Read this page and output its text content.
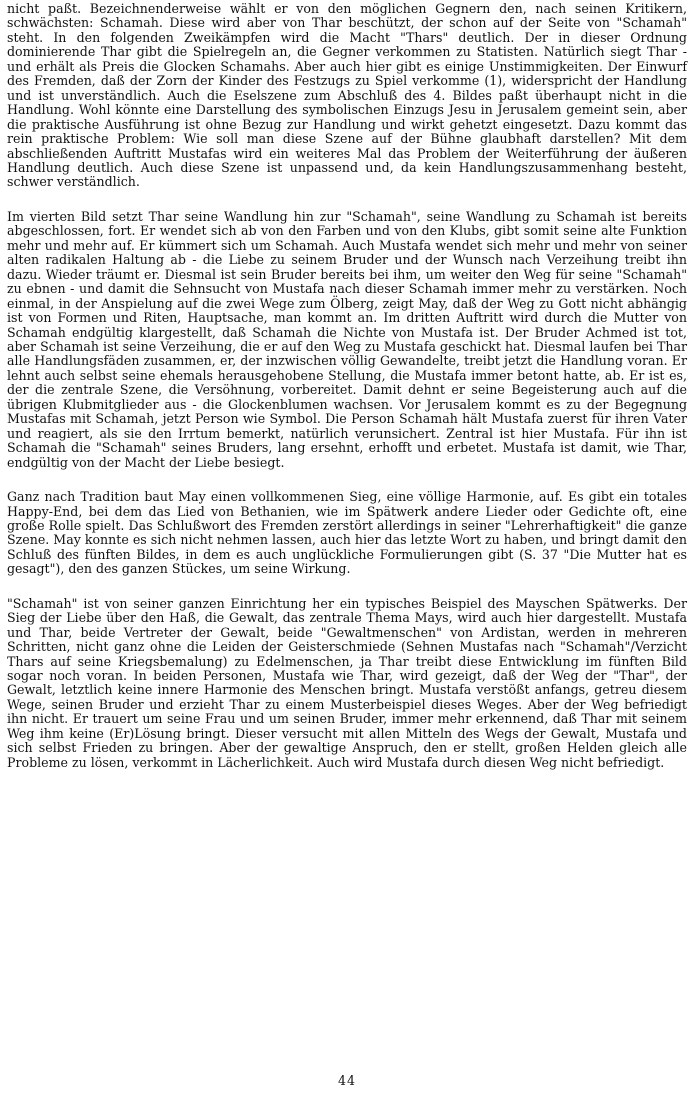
nicht paßt. Bezeichnenderweise wählt er von den möglichen Gegnern den, nach seinen Kritikern, schwächsten: Schamah. Diese wird aber von Thar beschützt, der schon auf der Seite von "Schamah" steht. In den folgenden Zweikämpfen wird die Macht "Thars" deutlich. Der in dieser Ordnung dominierende Thar gibt die Spielregeln an, die Gegner verkommen zu Statisten. Natürlich siegt Thar - und erhält als Preis die Glocken Schamahs. Aber auch hier gibt es einige Unstimmigkeiten. Der Einwurf des Fremden, daß der Zorn der Kinder des Festzugs zu Spiel verkomme (1), widerspricht der Handlung und ist unverständlich. Auch die Eselszene zum Abschluß des 4. Bildes paßt überhaupt nicht in die Handlung. Wohl könnte eine Darstellung des symbolischen Einzugs Jesu in Jerusalem gemeint sein, aber die praktische Ausführung ist ohne Bezug zur Handlung und wirkt gehetzt eingesetzt. Dazu kommt das rein praktische Problem: Wie soll man diese Szene auf der Bühne glaubhaft darstellen? Mit dem abschließenden Auftritt Mustafas wird ein weiteres Mal das Problem der Weiterführung der äußeren Handlung deutlich. Auch diese Szene ist unpassend und, da kein Handlungszusammenhang besteht, schwer verständlich.

Im vierten Bild setzt Thar seine Wandlung hin zur "Schamah", seine Wandlung zu Schamah ist bereits abgeschlossen, fort. Er wendet sich ab von den Farben und von den Klubs, gibt somit seine alte Funktion mehr und mehr auf. Er kümmert sich um Schamah. Auch Mustafa wendet sich mehr und mehr von seiner alten radikalen Haltung ab - die Liebe zu seinem Bruder und der Wunsch nach Verzeihung treibt ihn dazu. Wieder träumt er. Diesmal ist sein Bruder bereits bei ihm, um weiter den Weg für seine "Schamah" zu ebnen - und damit die Sehnsucht von Mustafa nach dieser Schamah immer mehr zu verstärken. Noch einmal, in der Anspielung auf die zwei Wege zum Ölberg, zeigt May, daß der Weg zu Gott nicht abhängig ist von Formen und Riten, Hauptsache, man kommt an. Im dritten Auftritt wird durch die Mutter von Schamah endgültig klargestellt, daß Schamah die Nichte von Mustafa ist. Der Bruder Achmed ist tot, aber Schamah ist seine Verzeihung, die er auf den Weg zu Mustafa geschickt hat. Diesmal laufen bei Thar alle Handlungsfäden zusammen, er, der inzwischen völlig Gewandelte, treibt jetzt die Handlung voran. Er lehnt auch selbst seine ehemals herausgehobene Stellung, die Mustafa immer betont hatte, ab. Er ist es, der die zentrale Szene, die Versöhnung, vorbereitet. Damit dehnt er seine Begeisterung auch auf die übrigen Klubmitglieder aus - die Glockenblumen wachsen. Vor Jerusalem kommt es zu der Begegnung Mustafas mit Schamah, jetzt Person wie Symbol. Die Person Schamah hält Mustafa zuerst für ihren Vater und reagiert, als sie den Irrtum bemerkt, natürlich verunsichert. Zentral ist hier Mustafa. Für ihn ist Schamah die "Schamah" seines Bruders, lang ersehnt, erhofft und erbetet. Mustafa ist damit, wie Thar, endgültig von der Macht der Liebe besiegt.

Ganz nach Tradition baut May einen vollkommenen Sieg, eine völlige Harmonie, auf. Es gibt ein totales Happy-End, bei dem das Lied von Bethanien, wie im Spätwerk andere Lieder oder Gedichte oft, eine große Rolle spielt. Das Schlußwort des Fremden zerstört allerdings in seiner "Lehrerhaftigkeit" die ganze Szene. May konnte es sich nicht nehmen lassen, auch hier das letzte Wort zu haben, und bringt damit den Schluß des fünften Bildes, in dem es auch unglückliche Formulierungen gibt (S. 37 "Die Mutter hat es gesagt"), den des ganzen Stückes, um seine Wirkung.

"Schamah" ist von seiner ganzen Einrichtung her ein typisches Beispiel des Mayschen Spätwerks. Der Sieg der Liebe über den Haß, die Gewalt, das zentrale Thema Mays, wird auch hier dargestellt. Mustafa und Thar, beide Vertreter der Gewalt, beide "Gewaltmenschen" von Ardistan, werden in mehreren Schritten, nicht ganz ohne die Leiden der Geisterschmiede (Sehnen Mustafas nach "Schamah"/Verzicht Thars auf seine Kriegsbemalung) zu Edelmenschen, ja Thar treibt diese Entwicklung im fünften Bild sogar noch voran. In beiden Personen, Mustafa wie Thar, wird gezeigt, daß der Weg der "Thar", der Gewalt, letztlich keine innere Harmonie des Menschen bringt. Mustafa verstößt anfangs, getreu diesem Wege, seinen Bruder und erzieht Thar zu einem Musterbeispiel dieses Weges. Aber der Weg befriedigt ihn nicht. Er trauert um seine Frau und um seinen Bruder, immer mehr erkennend, daß Thar mit seinem Weg ihm keine (Er)Lösung bringt. Dieser versucht mit allen Mitteln des Wegs der Gewalt, Mustafa und sich selbst Frieden zu bringen. Aber der gewaltige Anspruch, den er stellt, großen Helden gleich alle Probleme zu lösen, verkommt in Lächerlichkeit. Auch wird Mustafa durch diesen Weg nicht befriedigt.

44
